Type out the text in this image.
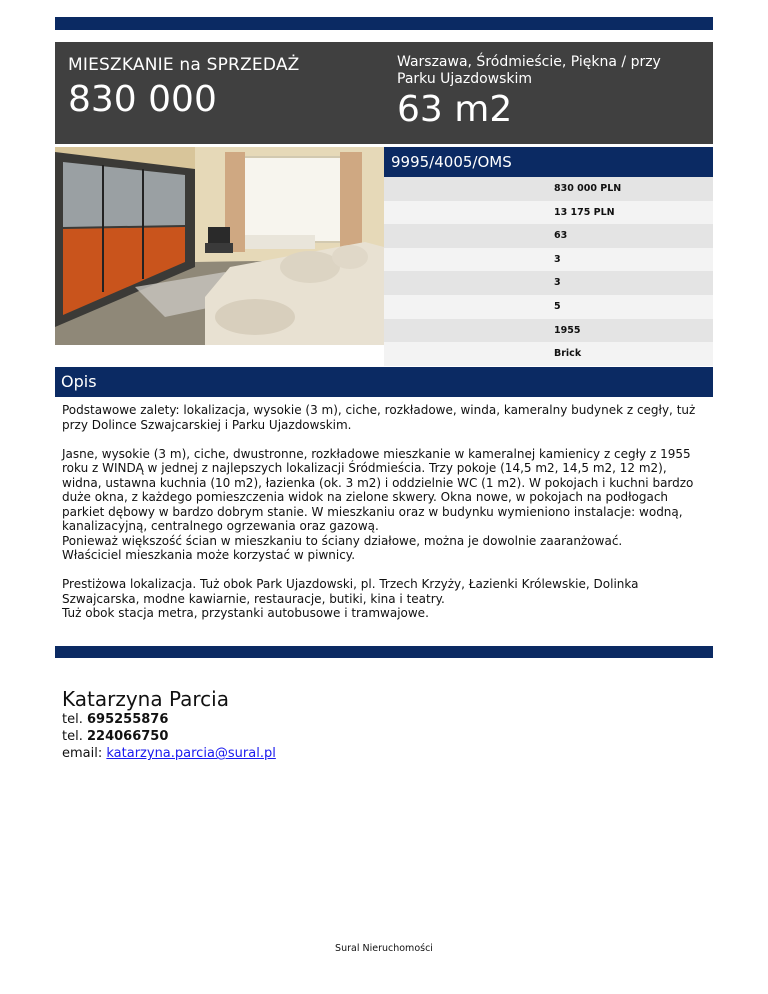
MIESZKANIE na SPRZEDAŻ
830 000
Warszawa, Śródmieście, Piękna / przy Parku Ujazdowskim
63 m2
9995/4005/OMS
830 000 PLN
13 175 PLN
63
3
3
5
1955
Brick
Opis

Podstawowe zalety: lokalizacja, wysokie (3 m), ciche, rozkładowe, winda, kameralny budynek z cegły, tuż przy Dolince Szwajcarskiej i Parku Ujazdowskim.

Jasne, wysokie (3 m), ciche, dwustronne, rozkładowe mieszkanie w kameralnej kamienicy z cegły z 1955 roku z WINDĄ w jednej z najlepszych lokalizacji Śródmieścia. Trzy pokoje (14,5 m2, 14,5 m2, 12 m2), widna, ustawna kuchnia (10 m2), łazienka (ok. 3 m2) i oddzielnie WC (1 m2). W pokojach i kuchni bardzo duże okna, z każdego pomieszczenia widok na zielone skwery. Okna nowe, w pokojach na podłogach parkiet dębowy w bardzo dobrym stanie. W mieszkaniu oraz w budynku wymieniono instalacje: wodną, kanalizacyjną, centralnego ogrzewania oraz gazową.
Ponieważ większość ścian w mieszkaniu to ściany działowe, można je dowolnie zaaranżować.
Właściciel mieszkania może korzystać w piwnicy.

Prestiżowa lokalizacja. Tuż obok Park Ujazdowski, pl. Trzech Krzyży, Łazienki Królewskie, Dolinka Szwajcarska, modne kawiarnie, restauracje, butiki, kina i teatry.
Tuż obok stacja metra, przystanki autobusowe i tramwajowe.

Katarzyna Parcia
tel. 695255876
tel. 224066750
email: katarzyna.parcia@sural.pl
Sural Nieruchomości
